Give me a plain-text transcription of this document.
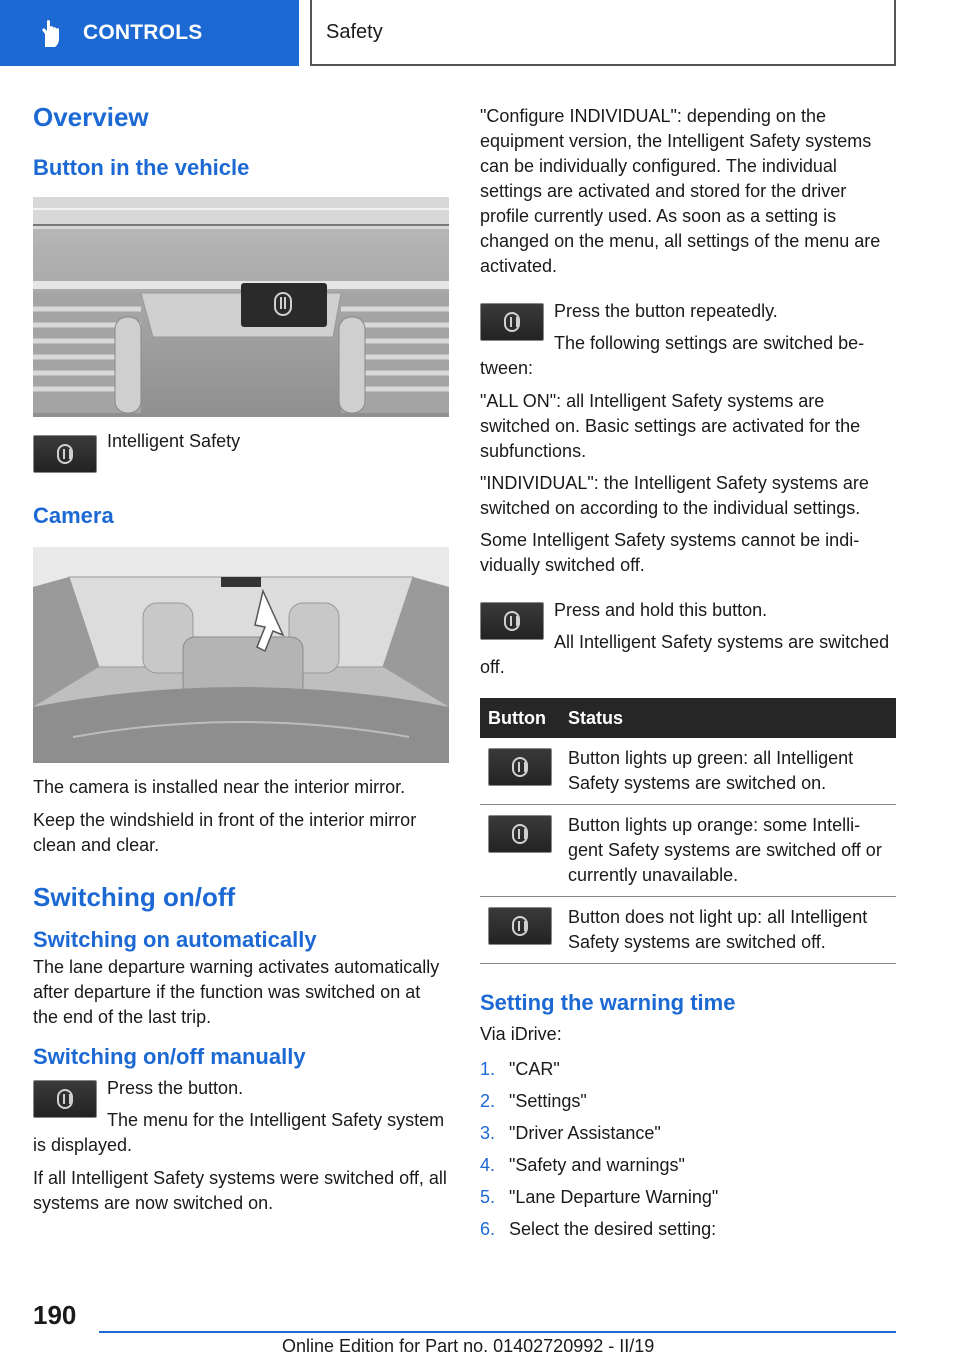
CONTROLS	Safety
Overview
Button in the vehicle

Intelligent Safety

Camera

The camera is installed near the interior mirror.

Keep the windshield in front of the interior mirror clean and clear.

Switching on/off
Switching on automatically

The lane departure warning activates automatically after departure if the function was switched on at the end of the last trip.

Switching on/off manually

Press the button.

The menu for the Intelligent Safety system is displayed.

If all Intelligent Safety systems were switched off, all systems are now switched on.

"Configure INDIVIDUAL": depending on the equipment version, the Intelligent Safety systems can be individually configured. The individual settings are activated and stored for the driver profile currently used. As soon as a setting is changed on the menu, all settings of the menu are activated.

Press the button repeatedly.

The following settings are switched between:

"ALL ON": all Intelligent Safety systems are switched on. Basic settings are activated for the subfunctions.

"INDIVIDUAL": the Intelligent Safety systems are switched on according to the individual settings.

Some Intelligent Safety systems cannot be individually switched off.

Press and hold this button.

All Intelligent Safety systems are switched off.

Button	Status

	Button lights up green: all Intelligent Safety systems are switched on.

	Button lights up orange: some Intelligent Safety systems are switched off or currently unavailable.

	Button does not light up: all Intelligent Safety systems are switched off.
Setting the warning time

Via iDrive:

1. "CAR"
2. "Settings"
3. "Driver Assistance"
4. "Safety and warnings"
5. "Lane Departure Warning"
6. Select the desired setting:
190
Online Edition for Part no. 01402720992 - II/19
